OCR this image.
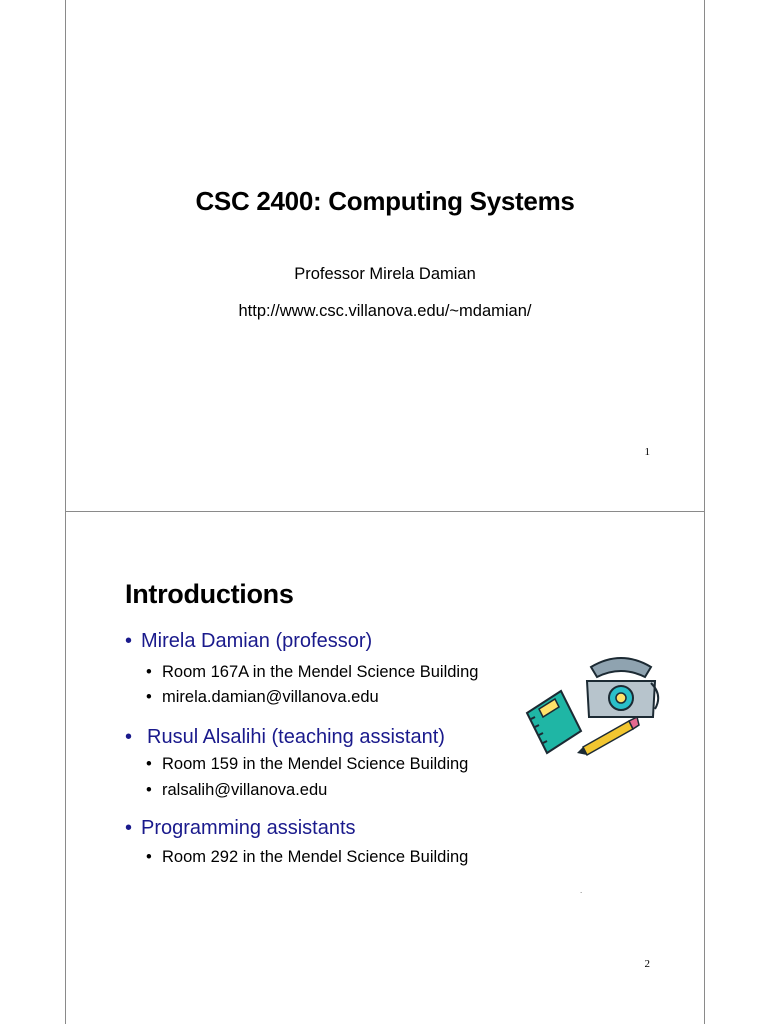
CSC 2400: Computing Systems
Professor Mirela Damian
http://www.csc.villanova.edu/~mdamian/
1
Introductions
• Mirela Damian (professor)
• Room 167A in the Mendel Science Building
• mirela.damian@villanova.edu
• Rusul Alsalihi (teaching assistant)
• Room 159 in the Mendel Science Building
• ralsalih@villanova.edu
• Programming assistants
• Room 292 in the Mendel Science Building
.
2
